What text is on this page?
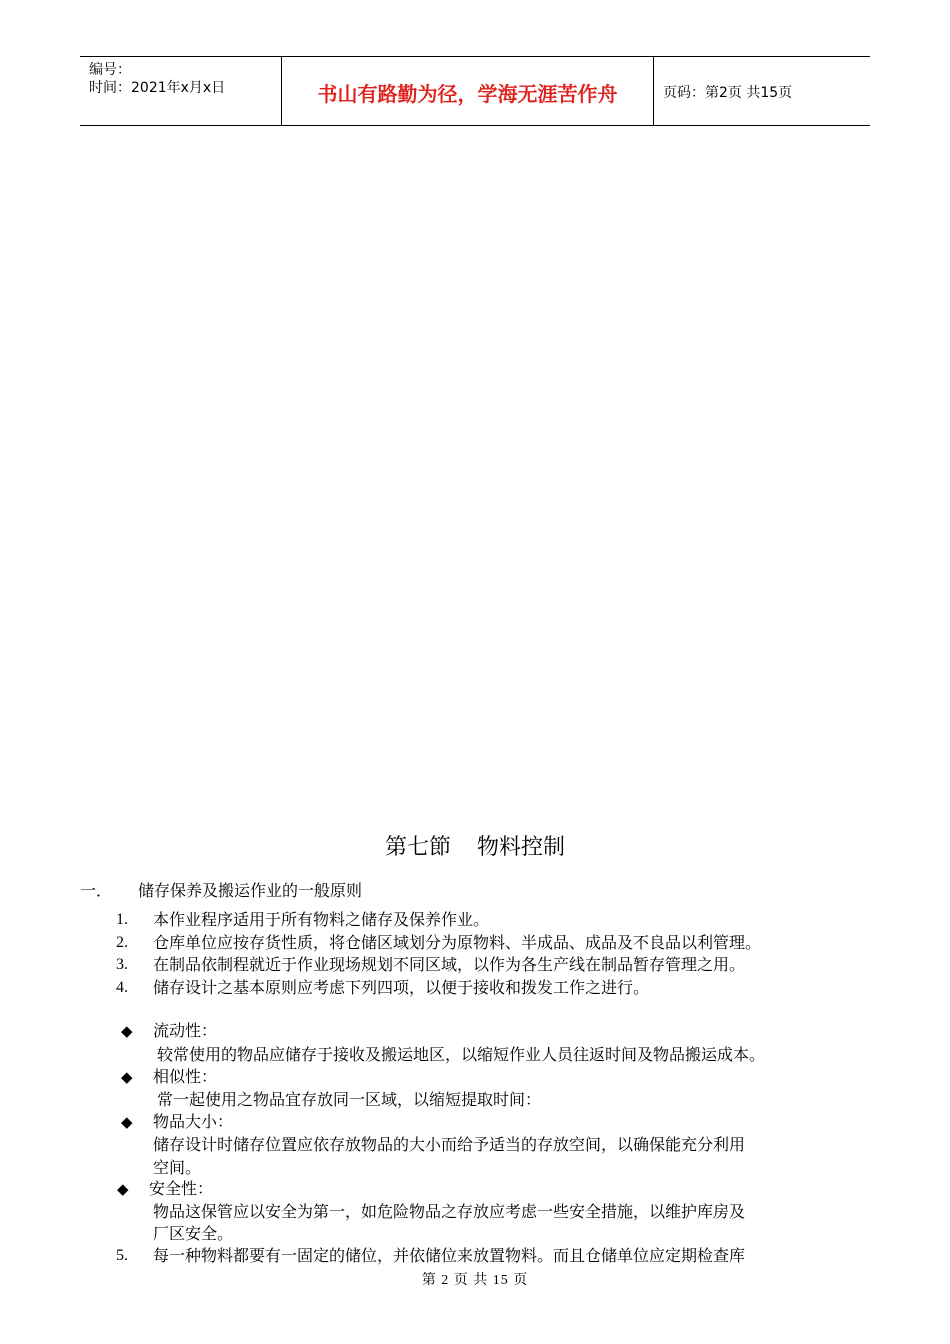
编号：
时间：2021年x月x日	书山有路勤为径，学海无涯苦作舟	页码：第2页 共15页
第七節 物料控制
一． 储存保养及搬运作业的一般原则
1. 本作业程序适用于所有物料之储存及保养作业。
2. 仓库单位应按存货性质，将仓储区域划分为原物料、半成品、成品及不良品以利管理。
3. 在制品依制程就近于作业现场规划不同区域，以作为各生产线在制品暂存管理之用。
4. 储存设计之基本原则应考虑下列四项，以便于接收和拨发工作之进行。
◆ 流动性：
较常使用的物品应储存于接收及搬运地区，以缩短作业人员往返时间及物品搬运成本。
◆ 相似性：
常一起使用之物品宜存放同一区域，以缩短提取时间：
◆ 物品大小：
储存设计时储存位置应依存放物品的大小而给予适当的存放空间，以确保能充分利用
空间。
◆ 安全性：
物品这保管应以安全为第一，如危险物品之存放应考虑一些安全措施，以维护库房及
厂区安全。
5. 每一种物料都要有一固定的储位，并依储位来放置物料。而且仓储单位应定期检查库
第 2 页 共 15 页
